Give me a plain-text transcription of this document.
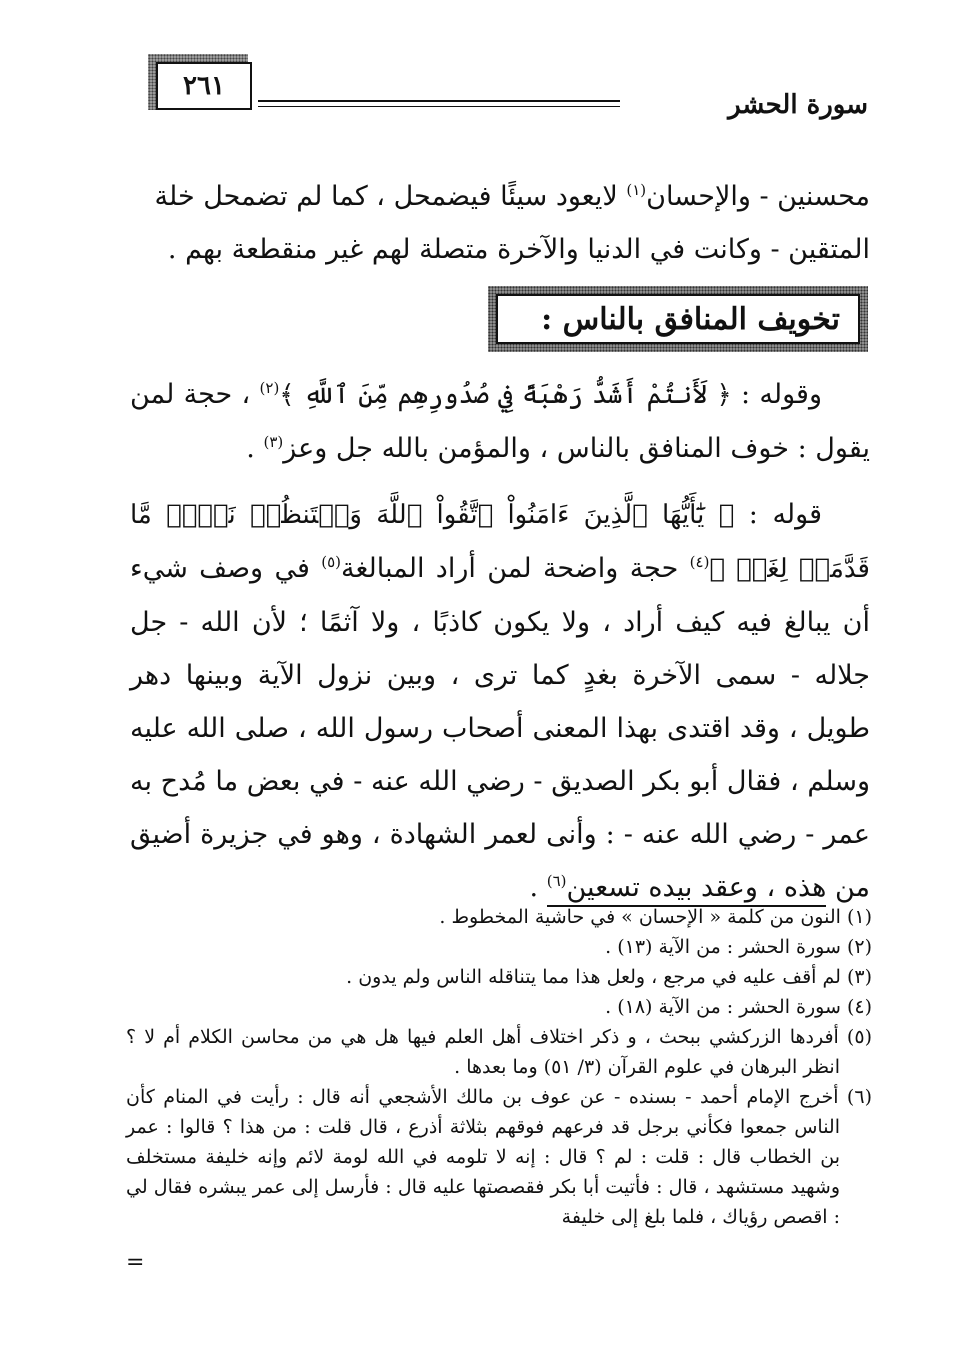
٢٦١
سورة الحشر

محسنين - والإحسان$^{(١)}$ لايعود سيئًا فيضمحل ، كما لم تضمحل خلة

المتقين - وكانت في الدنيا والآخرة متصلة لهم غير منقطعة بهم .

تخويف المنافق بالناس :

وقوله : ﴿ لَأَنتُمْ أَشَدُّ رَهْبَةً فِي صُدُورِهِم مِّنَ ٱللَّهِ ﴾$^{(٢)}$ ، حجة لمن يقول : خوف المنافق بالناس ، والمؤمن بالله جل وعز$^{(٣)}$ .

قوله : ﴿ يَٰٓأَيُّهَا ٱلَّذِينَ ءَامَنُواْ ٱتَّقُواْ ٱللَّهَ وَلۡتَنظُرۡ نَفۡسٞ مَّا قَدَّمَتۡ لِغَدٖ ﴾$^{(٤)}$ حجة واضحة لمن أراد المبالغة$^{(٥)}$ في وصف شيء أن يبالغ فيه كيف أراد ، ولا يكون كاذبًا ، ولا آثمًا ؛ لأن الله - جل جلاله - سمى الآخرة بغدٍ كما ترى ، وبين نزول الآية وبينها دهر طويل ، وقد اقتدى بهذا المعنى أصحاب رسول الله ، صلى الله عليه وسلم ، فقال أبو بكر الصديق - رضي الله عنه - في بعض ما مُدح به عمر - رضي الله عنه - : وأنى لعمر الشهادة ، وهو في جزيرة أضيق من هذه ، وعقد بيده تسعين$^{(٦)}$ .

(١) النون من كلمة « الإحسان » في حاشية المخطوط .

(٢) سورة الحشر : من الآية (١٣) .

(٣) لم أقف عليه في مرجع ، ولعل هذا مما يتناقله الناس ولم يدون .

(٤) سورة الحشر : من الآية (١٨) .

(٥) أفردها الزركشي ببحث ، و ذكر اختلاف أهل العلم فيها هل هي من محاسن الكلام أم لا ؟ انظر البرهان في علوم القرآن (٣/ ٥١) وما بعدها .

(٦) أخرج الإمام أحمد - بسنده - عن عوف بن مالك الأشجعي أنه قال : رأيت في المنام كأن الناس جمعوا فكأني برجل قد فرعهم فوقهم بثلاثة أذرع ، قال قلت : من هذا ؟ قالوا : عمر بن الخطاب قال : قلت : لم ؟ قال : إنه لا تلومه في الله لومة لائم وإنه خليفة مستخلف وشهيد مستشهد ، قال : فأتيت أبا بكر فقصصتها عليه قال : فأرسل إلى عمر يبشره فقال لي : اقصص رؤياك ، فلما بلغ إلى خليفة

=
